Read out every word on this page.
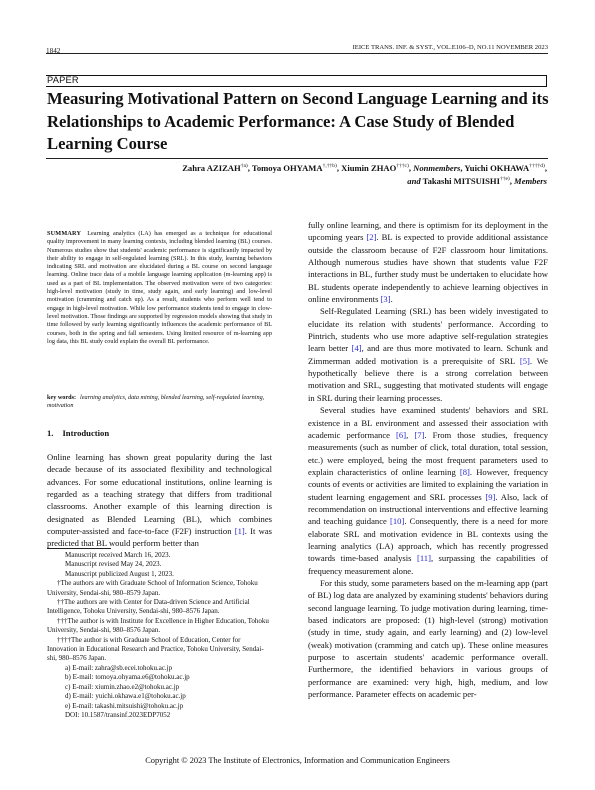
1842	IEICE TRANS. INF. & SYST., VOL.E106–D, NO.11 NOVEMBER 2023
PAPER
Measuring Motivational Pattern on Second Language Learning and its Relationships to Academic Performance: A Case Study of Blended Learning Course
Zahra AZIZAH$^{\dagger a)}$, Tomoya $OHYAMA^{\dagger,\dagger\dagger b)}$, Xiumin ZHAO$^{\dagger\dagger\dagger c)}$, Nonmembers, Yuichi OKHAWA$^{\dagger\dagger\dagger\dagger d)}$,
and Takashi MITSUISHI$^{\dagger\dagger e)}$, Members
SUMMARY Learning analytics (LA) has emerged as a technique for educational quality improvement in many learning contexts, including blended learning (BL) courses. Numerous studies show that students' academic performance is significantly impacted by their ability to engage in self-regulated learning (SRL). In this study, learning behaviors indicating SRL and motivation are elucidated during a BL course on second language learning. Online trace data of a mobile language learning application (m-learning app) is used as a part of BL implementation. The observed motivation were of two categories: high-level motivation (study in time, study again, and early learning) and low-level motivation (cramming and catch up). As a result, students who perform well tend to engage in high-level motivation. While low performance students tend to engage in clow-level motivation. Those findings are supported by regression models showing that study in time followed by early learning significantly influences the academic performance of BL courses, both in the spring and fall semesters. Using limited resource of m-learning app log data, this BL study could explain the overall BL performance.
key words: learning analytics, data mining, blended learning, self-regulated learning, motivation
1. Introduction

Online learning has shown great popularity during the last decade because of its associated flexibility and technological advances. For some educational institutions, online learning is regarded as a teaching strategy that differs from traditional classrooms. Another example of this learning direction is designated as Blended Learning (BL), which combines computer-assisted and face-to-face (F2F) instruction [1]. It was predicted that BL would perform better than

Manuscript received March 16, 2023.

Manuscript revised May 24, 2023.

Manuscript publicized August 1, 2023.

†The authors are with Graduate School of Information Science, Tohoku University, Sendai-shi, 980–8579 Japan.

††The authors are with Center for Data-driven Science and Artificial Intelligence, Tohoku University, Sendai-shi, 980–8576 Japan.

†††The author is with Institute for Excellence in Higher Education, Tohoku University, Sendai-shi, 980–8576 Japan.

††††The author is with Graduate School of Education, Center for Innovation in Educational Research and Practice, Tohoku University, Sendai-shi, 980–8576 Japan.

a) E-mail: zahra@sb.ecei.tohoku.ac.jp

b) E-mail: tomoya.ohyama.e6@tohoku.ac.jp

c) E-mail: xiumin.zhao.e2@tohoku.ac.jp

d) E-mail: yuichi.okhawa.e1@tohoku.ac.jp

e) E-mail: takashi.mitsuishi@tohoku.ac.jp

DOI: 10.1587/transinf.2023EDP7052

fully online learning, and there is optimism for its deployment in the upcoming years [2]. BL is expected to provide additional assistance outside the classroom because of F2F classroom hour limitations. Although numerous studies have shown that students value F2F interactions in BL, further study must be undertaken to elucidate how BL students operate independently to achieve learning objectives in online environments [3].

Self-Regulated Learning (SRL) has been widely investigated to elucidate its relation with students' performance. According to Pintrich, students who use more adaptive self-regulation strategies learn better [4], and are thus more motivated to learn. Schunk and Zimmerman added motivation is a prerequisite of SRL [5]. We hypothetically believe there is a strong correlation between motivation and SRL, suggesting that motivated students will engage in SRL during their learning processes.

Several studies have examined students' behaviors and SRL existence in a BL environment and assessed their association with academic performance [6], [7]. From those studies, frequency measurements (such as number of click, total duration, total session, etc.) were employed, being the most frequent parameters used to explain characteristics of online learning [8]. However, frequency counts of events or activities are limited to explaining the variation in student learning engagement and SRL processes [9]. Also, lack of recommendation on instructional interventions and effective learning and teaching guidance [10]. Consequently, there is a need for more elaborate SRL and motivation evidence in BL contexts using the learning analytics (LA) approach, which has recently progressed towards time-based analysis [11], surpassing the capabilities of frequency measurement alone.

For this study, some parameters based on the m-learning app (part of BL) log data are analyzed by examining students' behaviors during second language learning. To judge motivation during learning, time-based indicators are proposed: (1) high-level (strong) motivation (study in time, study again, and early learning) and (2) low-level (weak) motivation (cramming and catch up). These online measures purpose to ascertain students' academic performance overall. Furthermore, the identified behaviors in various groups of performance are examined: very high, high, medium, and low performance. Parameter effects on academic per-

Copyright © 2023 The Institute of Electronics, Information and Communication Engineers
